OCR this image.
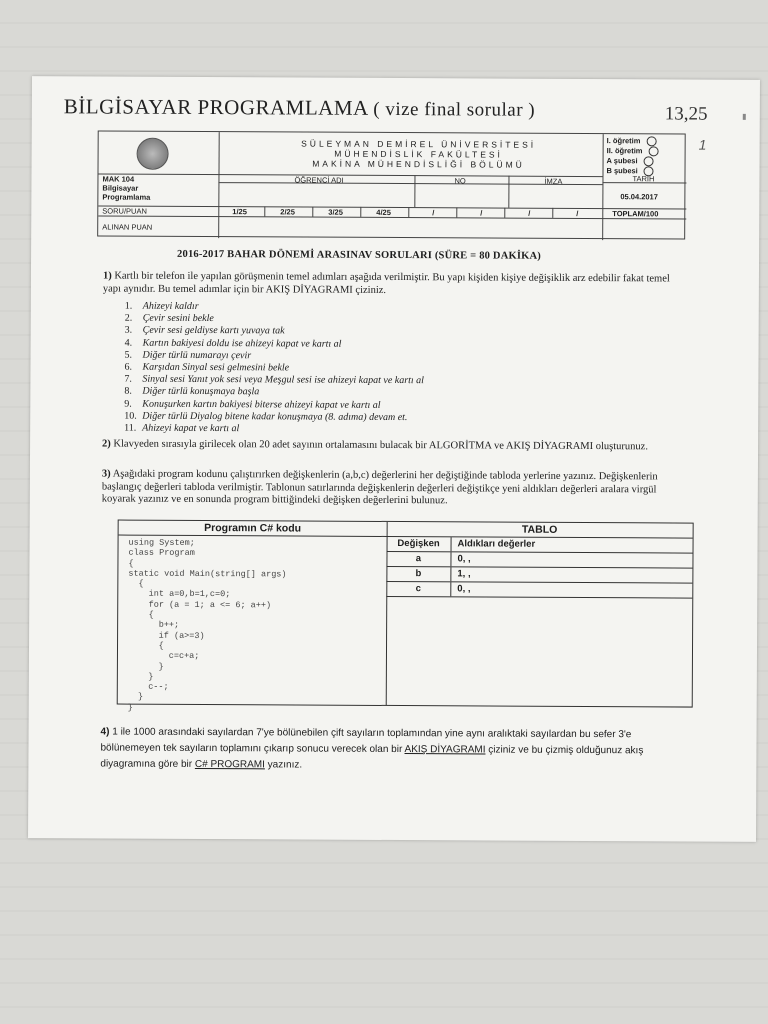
BİLGİSAYAR PROGRAMLAMA ( vize final sorular )	13,25
SÜLEYMAN DEMİREL ÜNİVERSİTESİ
MÜHENDİSLİK FAKÜLTESİ
MAKİNA MÜHENDİSLİĞİ BÖLÜMÜ
I. öğretim
II. öğretim
A şubesi
B şubesi
1
MAK 104
Bilgisayar
Programlama
ÖĞRENCİ ADI	NO	İMZA	TARİH
05.04.2017
SORU/PUAN	1/25	2/25	3/25	4/25	/	/	/	/	TOPLAM/100
ALINAN PUAN
2016-2017 BAHAR DÖNEMİ ARASINAV SORULARI (SÜRE = 80 DAKİKA)
1) Kartlı bir telefon ile yapılan görüşmenin temel adımları aşağıda verilmiştir. Bu yapı kişiden kişiye değişiklik arz edebilir fakat temel yapı aynıdır. Bu temel adımlar için bir AKIŞ DİYAGRAMI çiziniz.
1. Ahizeyi kaldır
2. Çevir sesini bekle
3. Çevir sesi geldiyse kartı yuvaya tak
4. Kartın bakiyesi doldu ise ahizeyi kapat ve kartı al
5. Diğer türlü numarayı çevir
6. Karşıdan Sinyal sesi gelmesini bekle
7. Sinyal sesi Yanıt yok sesi veya Meşgul sesi ise ahizeyi kapat ve kartı al
8. Diğer türlü konuşmaya başla
9. Konuşurken kartın bakiyesi biterse ahizeyi kapat ve kartı al
10. Diğer türlü Diyalog bitene kadar konuşmaya (8. adıma) devam et.
11. Ahizeyi kapat ve kartı al
2) Klavyeden sırasıyla girilecek olan 20 adet sayının ortalamasını bulacak bir ALGORİTMA ve AKIŞ DİYAGRAMI oluşturunuz.
3) Aşağıdaki program kodunu çalıştırırken değişkenlerin (a,b,c) değerlerini her değiştiğinde tabloda yerlerine yazınız. Değişkenlerin başlangıç değerleri tabloda verilmiştir. Tablonun satırlarında değişkenlerin değerleri değiştikçe yeni aldıkları değerleri aralara virgül koyarak yazınız ve en sonunda program bittiğindeki değişken değerlerini bulunuz.
Programın C# kodu
using System;
class Program
{
static void Main(string[] args)
{
int a=0,b=1,c=0;
for (a = 1; a <= 6; a++)
{
b++;
if (a>=3)
{
c=c+a;
}
}
c--;
}
}
TABLO
Değişken	Aldıkları değerler
a	0, ,
b	1, ,
c	0, ,
4) 1 ile 1000 arasındaki sayılardan 7'ye bölünebilen çift sayıların toplamından yine aynı aralıktaki sayılardan bu sefer 3'e bölünemeyen tek sayıların toplamını çıkarıp sonucu verecek olan bir AKIŞ DİYAGRAMI çiziniz ve bu çizmiş olduğunuz akış diyagramına göre bir C# PROGRAMI yazınız.
